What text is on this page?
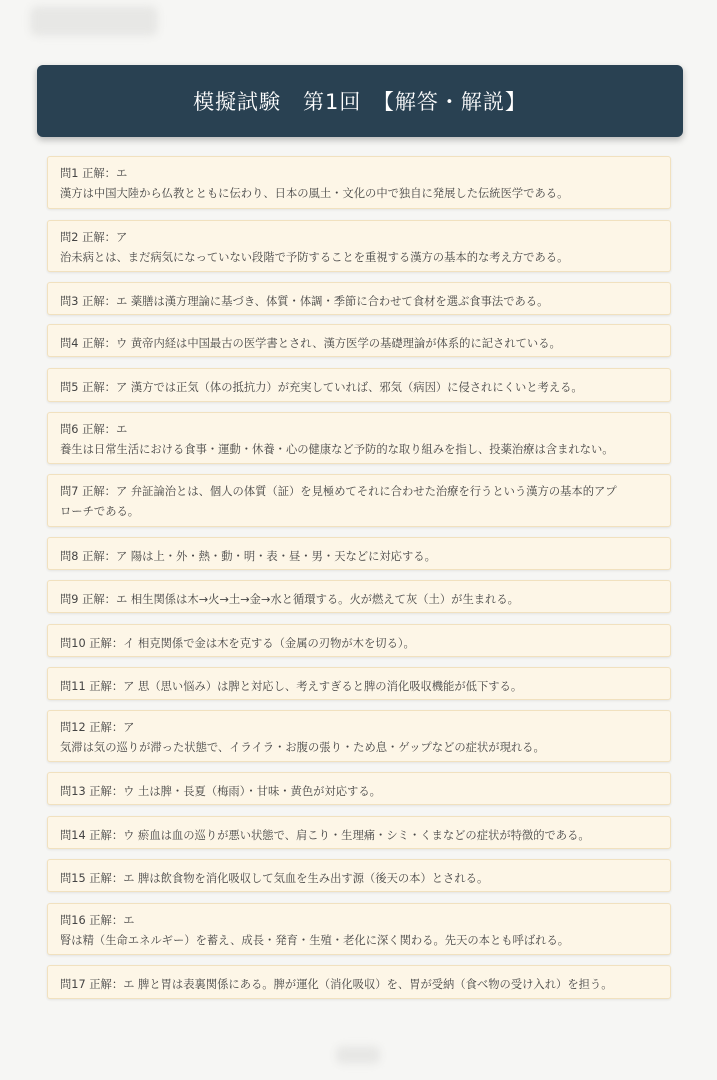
模擬試験　第1回　【解答・解説】
問1 正解：エ
漢方は中国大陸から仏教とともに伝わり、日本の風土・文化の中で独自に発展した伝統医学である。
問2 正解：ア
治未病とは、まだ病気になっていない段階で予防することを重視する漢方の基本的な考え方である。
問3 正解：エ 薬膳は漢方理論に基づき、体質・体調・季節に合わせて食材を選ぶ食事法である。
問4 正解：ウ 黄帝内経は中国最古の医学書とされ、漢方医学の基礎理論が体系的に記されている。
問5 正解：ア 漢方では正気（体の抵抗力）が充実していれば、邪気（病因）に侵されにくいと考える。
問6 正解：エ
養生は日常生活における食事・運動・休養・心の健康など予防的な取り組みを指し、投薬治療は含まれない。
問7 正解：ア 弁証論治とは、個人の体質（証）を見極めてそれに合わせた治療を行うという漢方の基本的アプ
ローチである。
問8 正解：ア 陽は上・外・熱・動・明・表・昼・男・天などに対応する。
問9 正解：エ 相生関係は木→火→土→金→水と循環する。火が燃えて灰（土）が生まれる。
問10 正解：イ 相克関係で金は木を克する（金属の刃物が木を切る）。
問11 正解：ア 思（思い悩み）は脾と対応し、考えすぎると脾の消化吸収機能が低下する。
問12 正解：ア
気滞は気の巡りが滞った状態で、イライラ・お腹の張り・ため息・ゲップなどの症状が現れる。
問13 正解：ウ 土は脾・長夏（梅雨）・甘味・黄色が対応する。
問14 正解：ウ 瘀血は血の巡りが悪い状態で、肩こり・生理痛・シミ・くまなどの症状が特徴的である。
問15 正解：エ 脾は飲食物を消化吸収して気血を生み出す源（後天の本）とされる。
問16 正解：エ
腎は精（生命エネルギー）を蓄え、成長・発育・生殖・老化に深く関わる。先天の本とも呼ばれる。
問17 正解：エ 脾と胃は表裏関係にある。脾が運化（消化吸収）を、胃が受納（食べ物の受け入れ）を担う。
